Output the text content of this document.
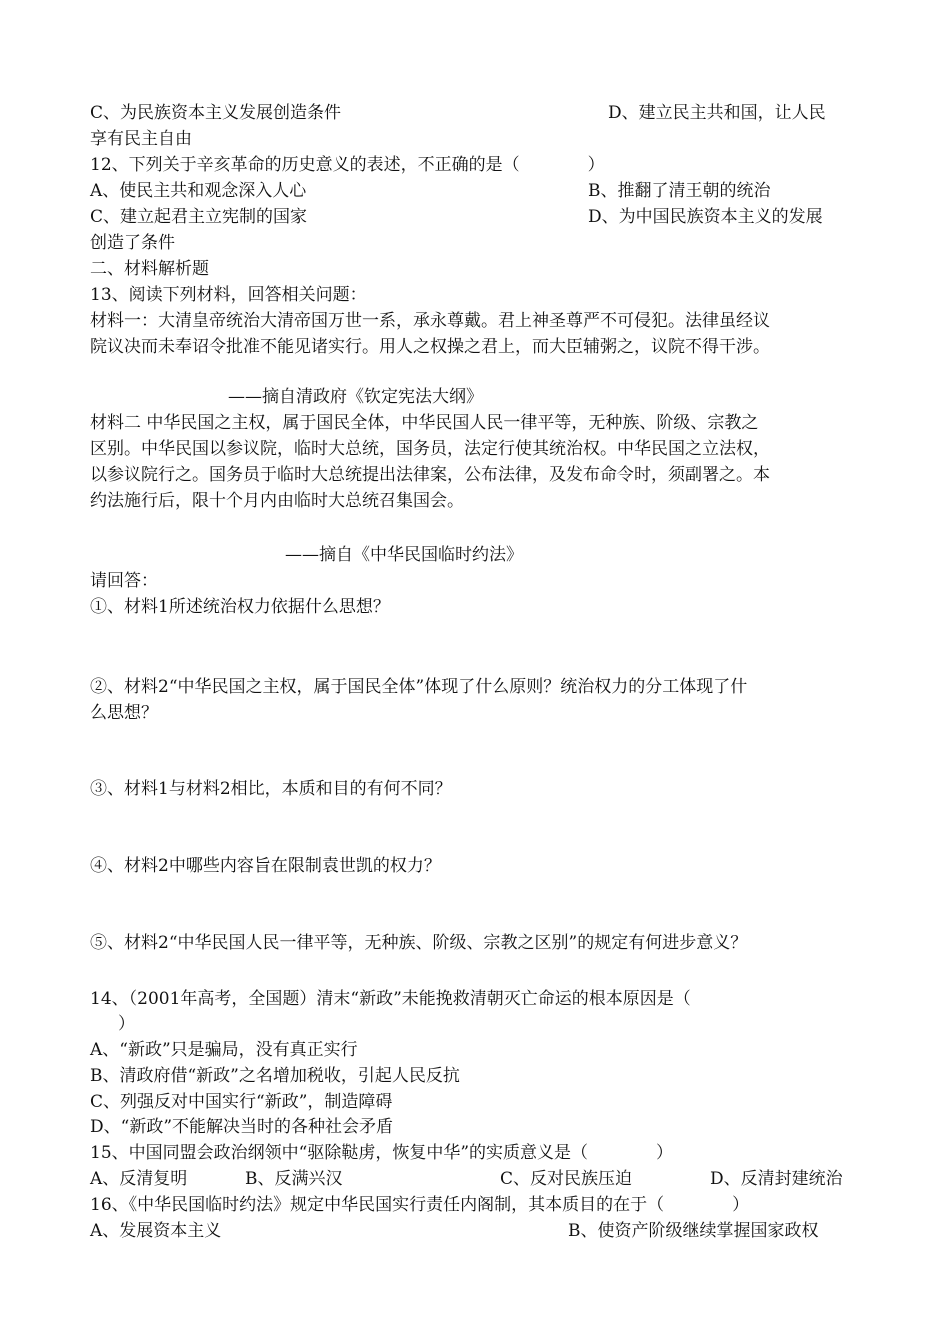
C、为民族资本主义发展创造条件	D、建立民主共和国，让人民
享有民主自由
12、下列关于辛亥革命的历史意义的表述，不正确的是（　　　　）
A、使民主共和观念深入人心	B、推翻了清王朝的统治
C、建立起君主立宪制的国家	D、为中国民族资本主义的发展
创造了条件
二、材料解析题
13、阅读下列材料，回答相关问题：
材料一：大清皇帝统治大清帝国万世一系，承永尊戴。君上神圣尊严不可侵犯。法律虽经议
院议决而未奉诏令批准不能见诸实行。用人之权操之君上，而大臣辅粥之，议院不得干涉。
——摘自清政府《钦定宪法大纲》
材料二 中华民国之主权，属于国民全体，中华民国人民一律平等，无种族、阶级、宗教之
区别。中华民国以参议院，临时大总统，国务员，法定行使其统治权。中华民国之立法权，
以参议院行之。国务员于临时大总统提出法律案，公布法律，及发布命令时，须副署之。本
约法施行后，限十个月内由临时大总统召集国会。
——摘自《中华民国临时约法》
请回答：
①、材料1所述统治权力依据什么思想？
②、材料2“中华民国之主权，属于国民全体”体现了什么原则？统治权力的分工体现了什
么思想？
③、材料1与材料2相比，本质和目的有何不同？
④、材料2中哪些内容旨在限制袁世凯的权力？
⑤、材料2“中华民国人民一律平等，无种族、阶级、宗教之区别”的规定有何进步意义？
14、（2001年高考，全国题）清末“新政”未能挽救清朝灭亡命运的根本原因是（
）
A、“新政”只是骗局，没有真正实行
B、清政府借“新政”之名增加税收，引起人民反抗
C、列强反对中国实行“新政”，制造障碍
D、“新政”不能解决当时的各种社会矛盾
15、中国同盟会政治纲领中“驱除鞑虏，恢复中华”的实质意义是（　　　　）
A、反清复明	B、反满兴汉	C、反对民族压迫	D、反清封建统治
16、《中华民国临时约法》规定中华民国实行责任内阁制，其本质目的在于（　　　　）
A、发展资本主义	B、使资产阶级继续掌握国家政权
